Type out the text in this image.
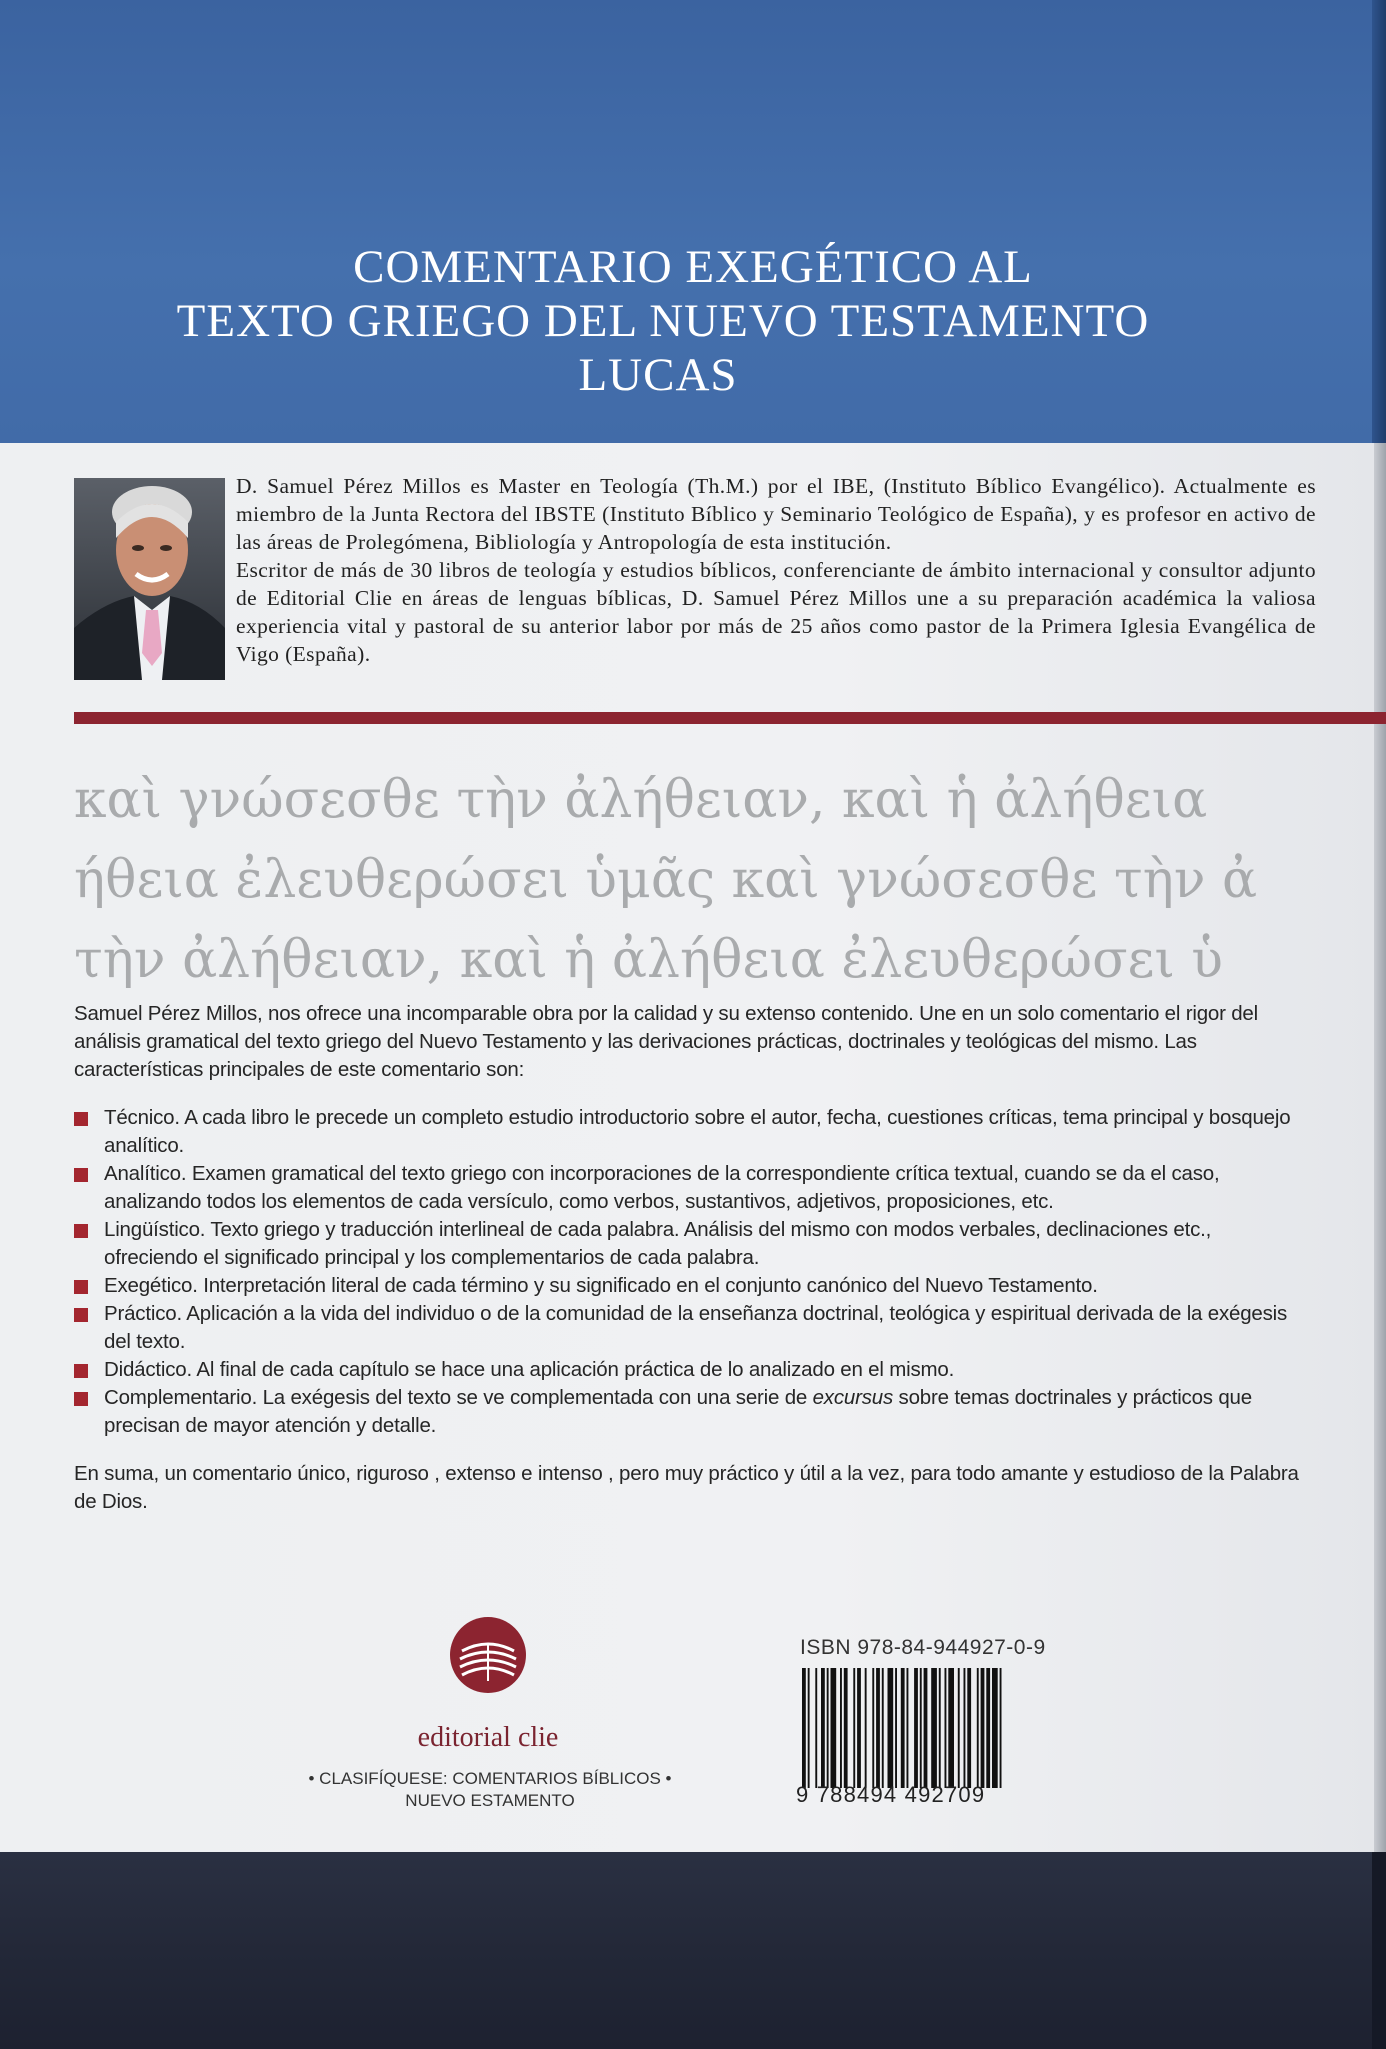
COMENTARIO EXEGÉTICO AL
TEXTO GRIEGO DEL NUEVO TESTAMENTO
LUCAS

D. Samuel Pérez Millos es Master en Teología (Th.M.) por el IBE, (Instituto Bíblico Evangélico). Actualmente es miembro de la Junta Rectora del IBSTE (Instituto Bíblico y Seminario Teológico de España), y es profesor en activo de las áreas de Prolegómena, Bibliología y Antropología de esta institución.

Escritor de más de 30 libros de teología y estudios bíblicos, conferenciante de ámbito internacional y consultor adjunto de Editorial Clie en áreas de lenguas bíblicas, D. Samuel Pérez Millos une a su preparación académica la valiosa experiencia vital y pastoral de su anterior labor por más de 25 años como pastor de la Primera Iglesia Evangélica de Vigo (España).

καὶ γνώσεσθε τὴν ἀλήθειαν, καὶ ἡ ἀλήθεια
ήθεια ἐλευθερώσει ὑμᾶς καὶ γνώσεσθε τὴν ἀ
τὴν ἀλήθειαν, καὶ ἡ ἀλήθεια ἐλευθερώσει ὑ

Samuel Pérez Millos, nos ofrece una incomparable obra por la calidad y su extenso contenido. Une en un solo comentario el rigor del análisis gramatical del texto griego del Nuevo Testamento y las derivaciones prácticas, doctrinales y teológicas del mismo. Las características principales de este comentario son:

Técnico. A cada libro le precede un completo estudio introductorio sobre el autor, fecha, cuestiones críticas, tema principal y bosquejo analítico.
Analítico. Examen gramatical del texto griego con incorporaciones de la correspondiente crítica textual, cuando se da el caso, analizando todos los elementos de cada versículo, como verbos, sustantivos, adjetivos, proposiciones, etc.
Lingüístico. Texto griego y traducción interlineal de cada palabra. Análisis del mismo con modos verbales, declinaciones etc., ofreciendo el significado principal y los complementarios de cada palabra.
Exegético. Interpretación literal de cada término y su significado en el conjunto canónico del Nuevo Testamento.
Práctico. Aplicación a la vida del individuo o de la comunidad de la enseñanza doctrinal, teológica y espiritual derivada de la exégesis del texto.
Didáctico. Al final de cada capítulo se hace una aplicación práctica de lo analizado en el mismo.
Complementario. La exégesis del texto se ve complementada con una serie de excursus sobre temas doctrinales y prácticos que precisan de mayor atención y detalle.

En suma, un comentario único, riguroso , extenso e intenso , pero muy práctico y útil a la vez, para todo amante y estudioso de la Palabra de Dios.

editorial clie
• CLASIFÍQUESE: COMENTARIOS BÍBLICOS •
NUEVO ESTAMENTO
ISBN 978-84-944927-0-9
9 788494 492709
